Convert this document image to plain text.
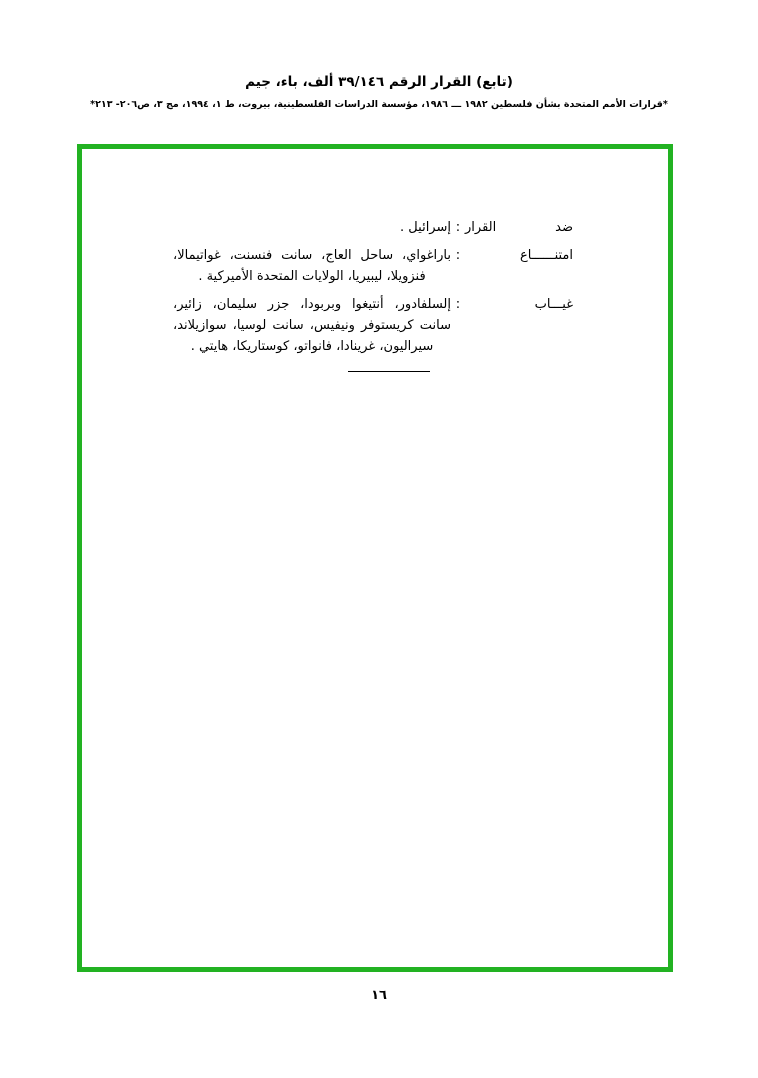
(تابع) القرار الرقم ٣٩/١٤٦ ألف، باء، جيم
*قرارات الأمم المتحدة بشأن فلسطين ١٩٨٢ ـــ ١٩٨٦، مؤسسة الدراسات الفلسطينية، بيروت، ط ١، ١٩٩٤، مج ٣، ص٢٠٦- ٢١٣*
ضد القرار
:
إسرائيل .
امتنــــــاع
:
باراغواي، ساحل العاج، سانت فنسنت، غواتيمالا، فنزويلا، ليبيريا، الولايات المتحدة الأميركية .
غيـــاب
:
إلسلفادور، أنتيغوا وبربودا، جزر سليمان، زائير، سانت كريستوفر ونيفيس، سانت لوسيا، سوازيلاند، سيراليون، غرينادا، فانواتو، كوستاريكا، هايتي .
١٦
